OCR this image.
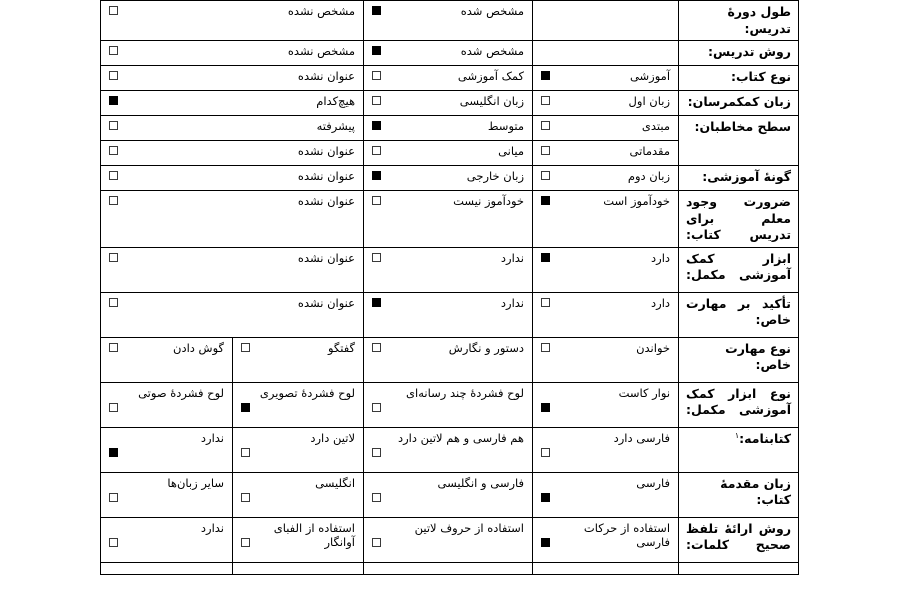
طول دورهٔ تدریس:		مشخص شده	مشخص نشده	

روش تدریس:		مشخص شده	مشخص نشده	

نوع کتاب:	آموزشی	کمک آموزشی	عنوان نشده	

زبان کمکمرسان:	زبان اول	زبان انگلیسی	هیچ‌کدام	

سطح مخاطبان:	مبتدی	متوسط	پیشرفته	

	مقدماتی	میانی	عنوان نشده	

گونهٔ آموزشی:	زبان دوم	زبان خارجی	عنوان نشده	

ضرورت وجود معلم برای تدریس کتاب:	خودآموز است	خودآموز نیست	عنوان نشده	

ابزار کمک آموزشی مکمل:	دارد	ندارد	عنوان نشده	

تأکید بر مهارت خاص:	دارد	ندارد	عنوان نشده	

نوع مهارت خاص:	خواندن	دستور و نگارش	گفتگو	گوش دادن

نوع ابزار کمک آموزشی مکمل:	نوار کاست	لوح فشردهٔ چند رسانه‌ای	لوح فشردهٔ تصویری	لوح فشردهٔ صوتی

کتابنامه:$^۱$	فارسی دارد	هم فارسی و هم لاتین دارد	لاتین دارد	ندارد

زبان مقدمهٔ کتاب:	فارسی	فارسی و انگلیسی	انگلیسی	سایر زبان‌ها

روش ارائهٔ تلفظ صحیح کلمات:	استفاده از حرکات فارسی	استفاده از حروف لاتین	استفاده از الفبای آوانگار	ندارد
